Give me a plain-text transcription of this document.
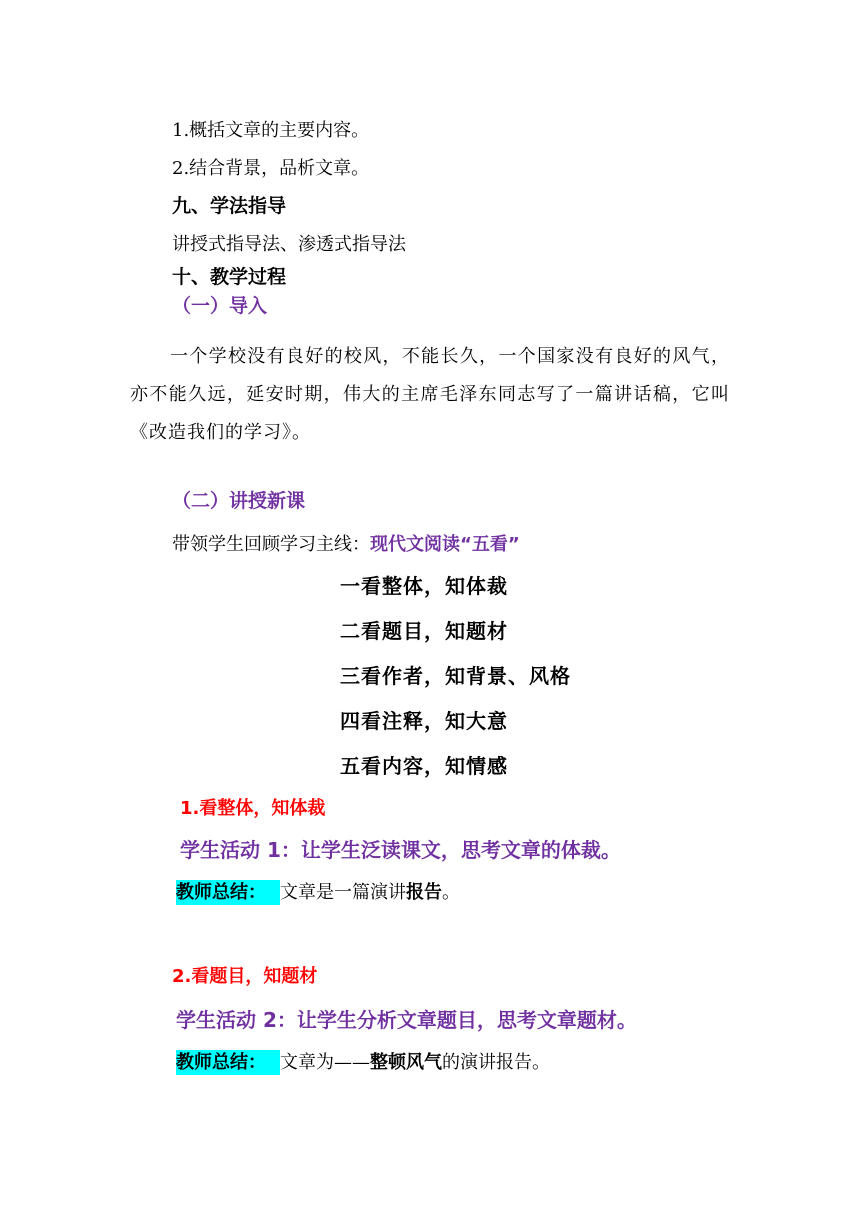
1.概括文章的主要内容。
2.结合背景，品析文章。
九、学法指导
讲授式指导法、渗透式指导法
十、教学过程
（一）导入
一个学校没有良好的校风，不能长久，一个国家没有良好的风气，亦不能久远，延安时期，伟大的主席毛泽东同志写了一篇讲话稿，它叫《改造我们的学习》。
（二）讲授新课
带领学生回顾学习主线：现代文阅读“五看”
一看整体，知体裁
二看题目，知题材
三看作者，知背景、风格
四看注释，知大意
五看内容，知情感
1.看整体，知体裁
学生活动 1：让学生泛读课文，思考文章的体裁。
教师总结： 文章是一篇演讲报告。
2.看题目，知题材
学生活动 2：让学生分析文章题目，思考文章题材。
教师总结： 文章为——整顿风气的演讲报告。
